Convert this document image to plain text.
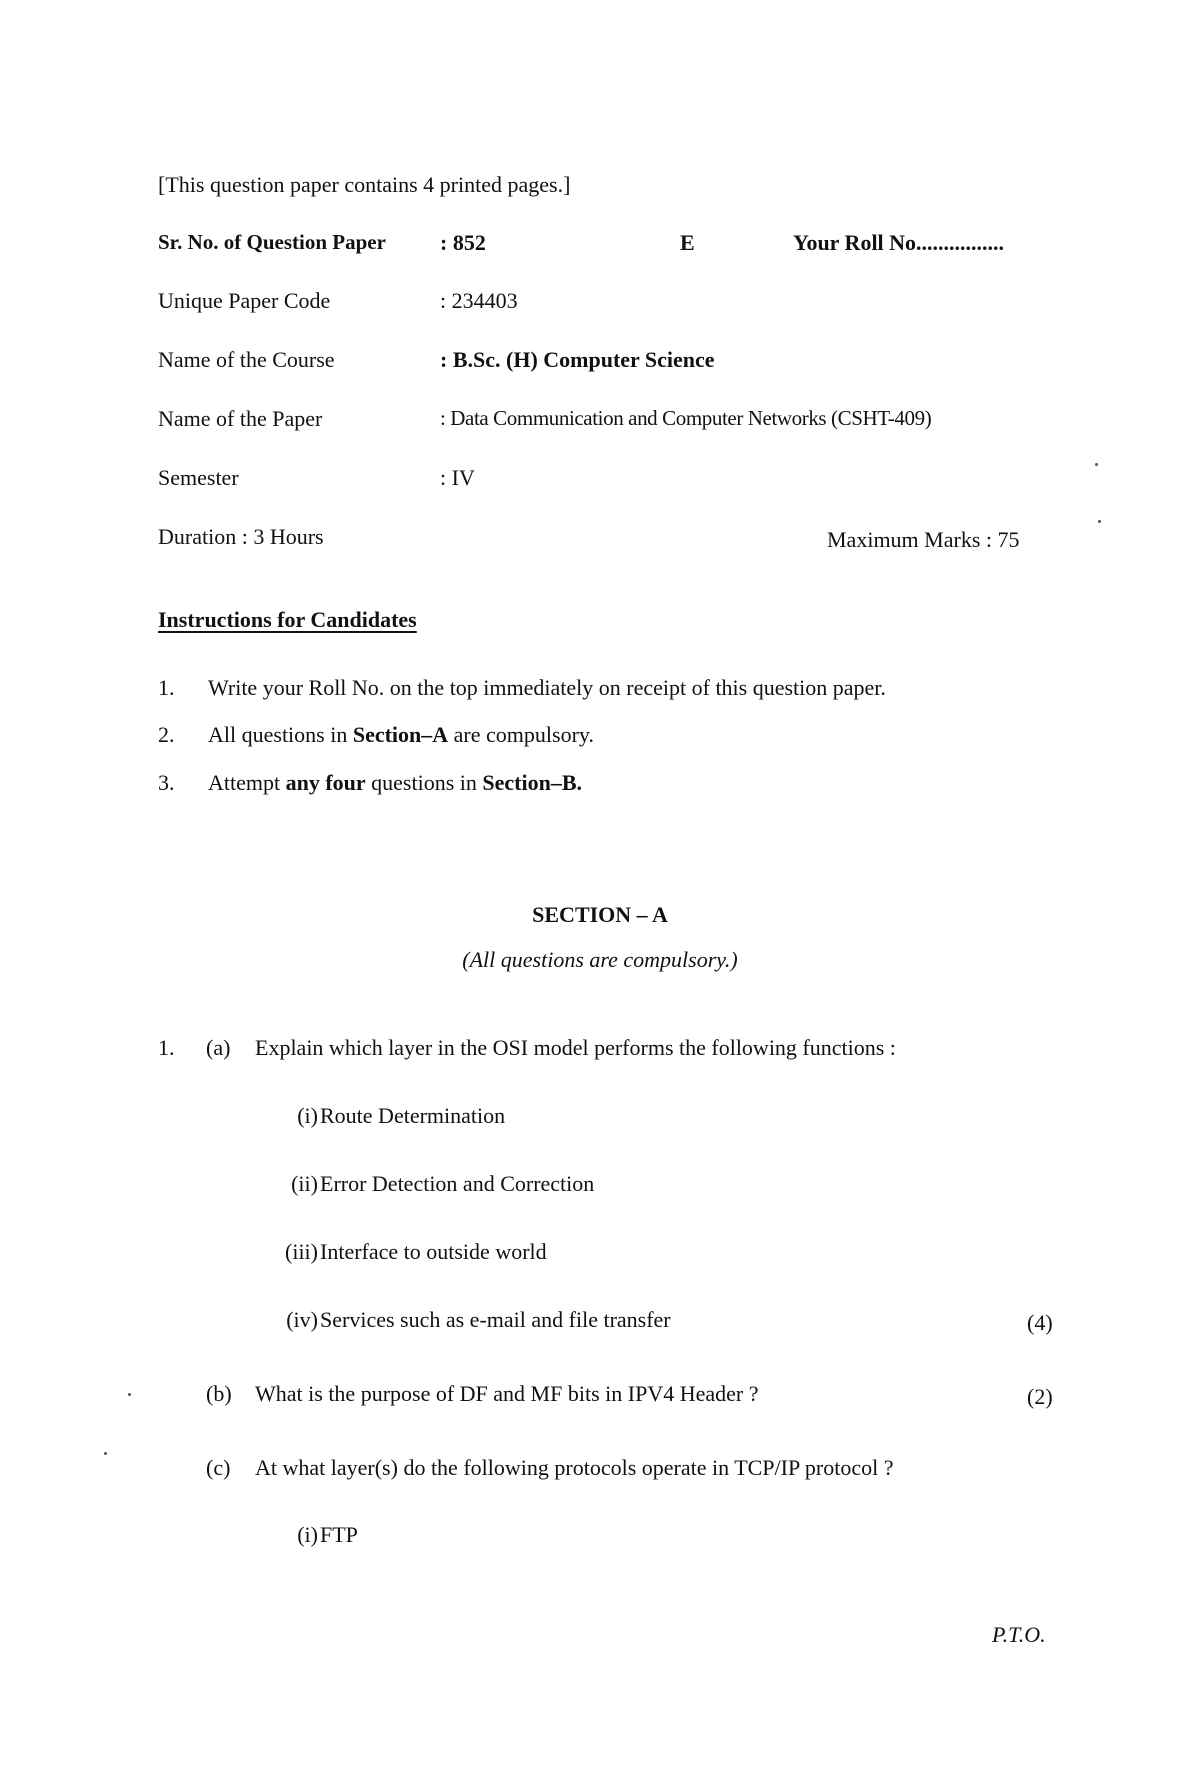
[This question paper contains 4 printed pages.]
Sr. No. of Question Paper : 852	E	Your Roll No................
Unique Paper Code	: 234403
Name of the Course	: B.Sc. (H) Computer Science
Name of the Paper	: Data Communication and Computer Networks (CSHT-409)
Semester	: IV
Duration : 3 Hours	Maximum Marks : 75
Instructions for Candidates
1. Write your Roll No. on the top immediately on receipt of this question paper.
2. All questions in Section–A are compulsory.
3. Attempt any four questions in Section–B.
SECTION – A
(All questions are compulsory.)
1. (a) Explain which layer in the OSI model performs the following functions :
(i) Route Determination
(ii) Error Detection and Correction
(iii) Interface to outside world
(iv) Services such as e-mail and file transfer	(4)
(b) What is the purpose of DF and MF bits in IPV4 Header ?	(2)
(c) At what layer(s) do the following protocols operate in TCP/IP protocol ?
(i) FTP
P.T.O.
